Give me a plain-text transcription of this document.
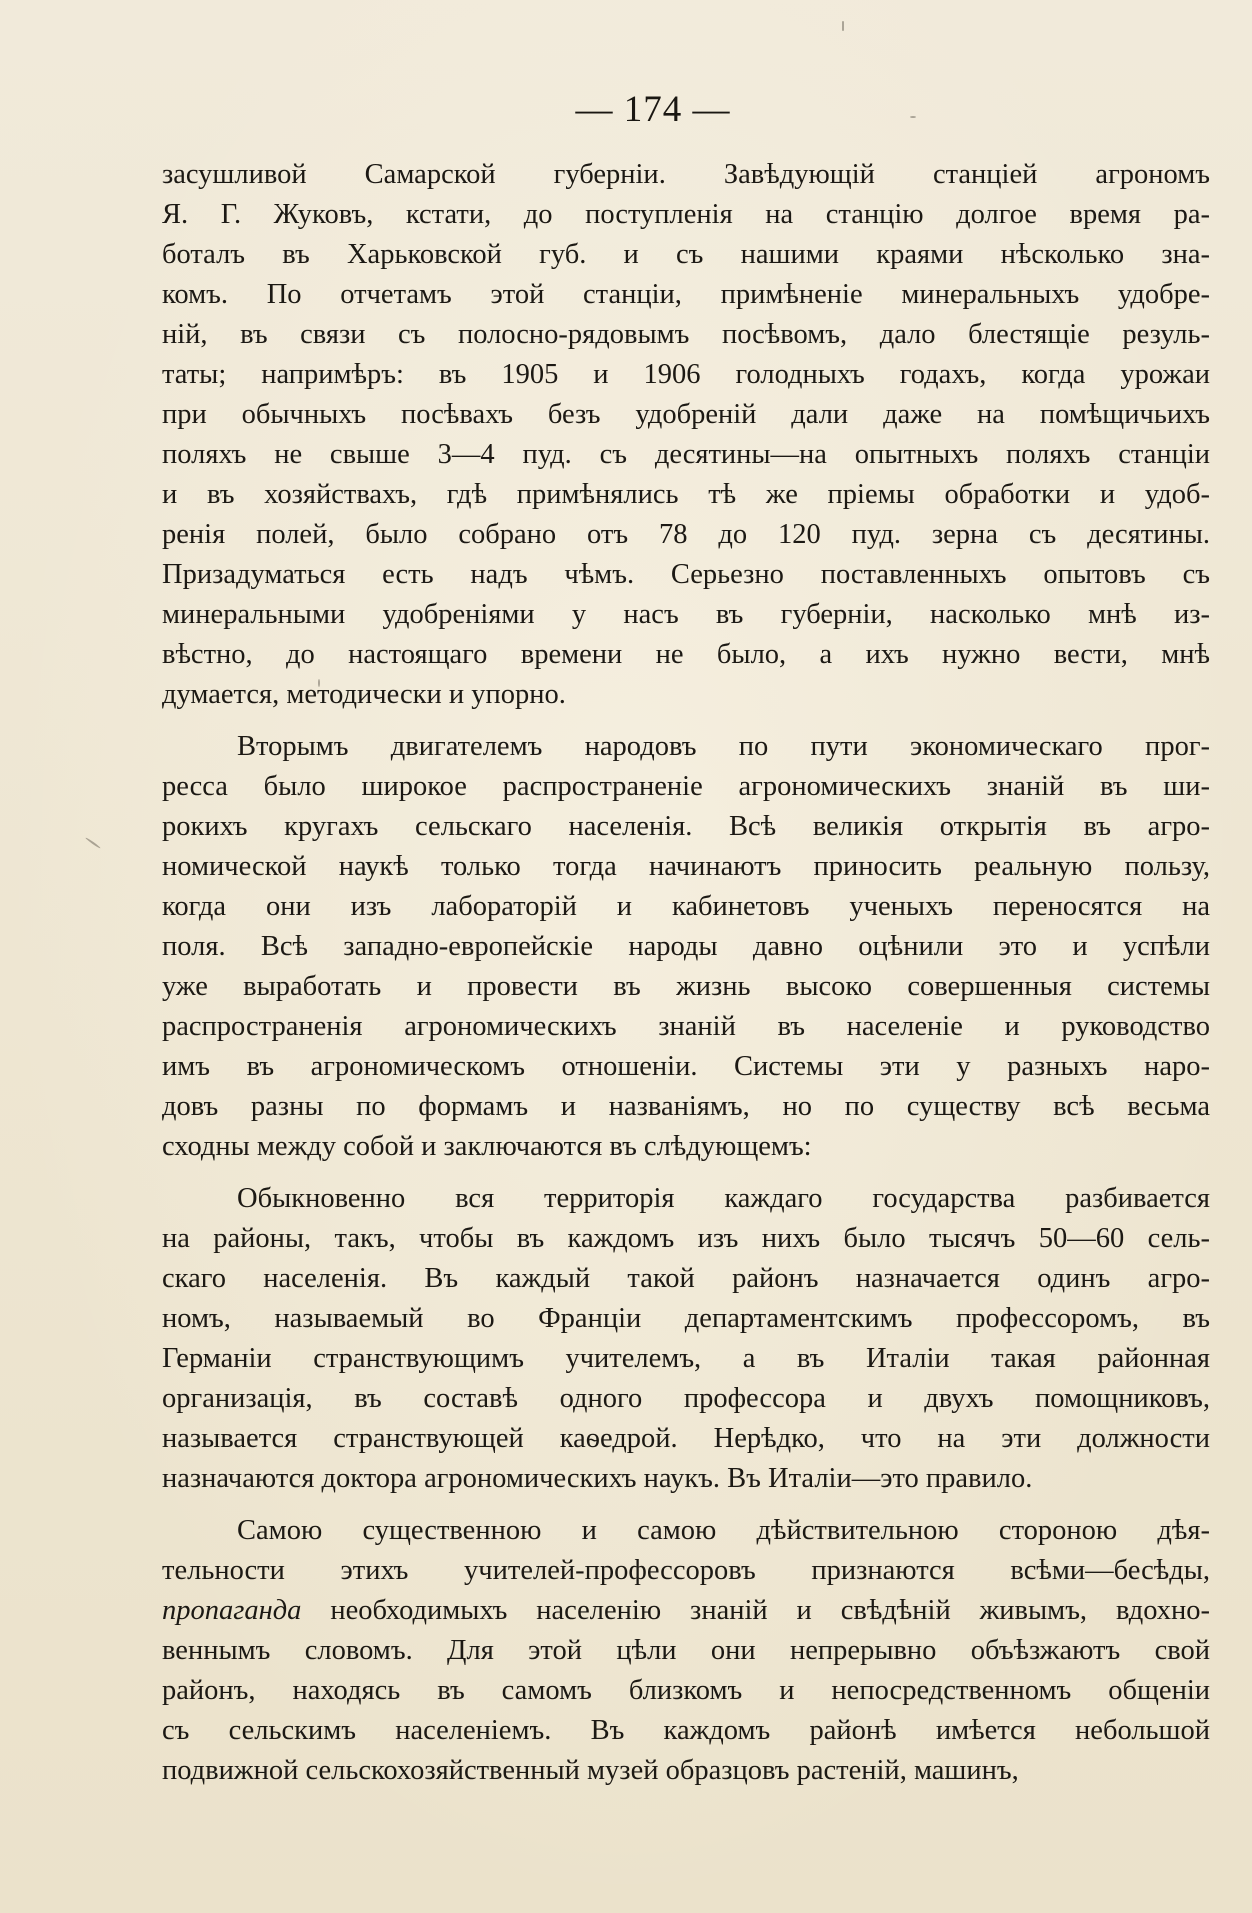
— 174 —
засушливой Самарской губерніи. Завѣдующій станціей агрономъ
Я. Г. Жуковъ, кстати, до поступленія на станцію долгое время ра-
боталъ въ Харьковской губ. и съ нашими краями нѣсколько зна-
комъ. По отчетамъ этой станціи, примѣненіе минеральныхъ удобре-
ній, въ связи съ полосно-рядовымъ посѣвомъ, дало блестящіе резуль-
таты; напримѣръ: въ 1905 и 1906 голодныхъ годахъ, когда урожаи
при обычныхъ посѣвахъ безъ удобреній дали даже на помѣщичьихъ
поляхъ не свыше 3—4 пуд. съ десятины—на опытныхъ поляхъ станціи
и въ хозяйствахъ, гдѣ примѣнялись тѣ же пріемы обработки и удоб-
ренія полей, было собрано отъ 78 до 120 пуд. зерна съ десятины.
Призадуматься есть надъ чѣмъ. Серьезно поставленныхъ опытовъ съ
минеральными удобреніями у насъ въ губерніи, насколько мнѣ из-
вѣстно, до настоящаго времени не было, а ихъ нужно вести, мнѣ
думается, методически и упорно.
Вторымъ двигателемъ народовъ по пути экономическаго прог-
ресса было широкое распространеніе агрономическихъ знаній въ ши-
рокихъ кругахъ сельскаго населенія. Всѣ великія открытія въ агро-
номической наукѣ только тогда начинаютъ приносить реальную пользу,
когда они изъ лабораторій и кабинетовъ ученыхъ переносятся на
поля. Всѣ западно-европейскіе народы давно оцѣнили это и успѣли
уже выработать и провести въ жизнь высоко совершенныя системы
распространенія агрономическихъ знаній въ населеніе и руководство
имъ въ агрономическомъ отношеніи. Системы эти у разныхъ наро-
довъ разны по формамъ и названіямъ, но по существу всѣ весьма
сходны между собой и заключаются въ слѣдующемъ:
Обыкновенно вся территорія каждаго государства разбивается
на районы, такъ, чтобы въ каждомъ изъ нихъ было тысячъ 50—60 сель-
скаго населенія. Въ каждый такой районъ назначается одинъ агро-
номъ, называемый во Франціи департаментскимъ профессоромъ, въ
Германіи странствующимъ учителемъ, а въ Италіи такая районная
организація, въ составѣ одного профессора и двухъ помощниковъ,
называется странствующей каѳедрой. Нерѣдко, что на эти должности
назначаются доктора агрономическихъ наукъ. Въ Италіи—это правило.
Самою существенною и самою дѣйствительною стороною дѣя-
тельности этихъ учителей-профессоровъ признаются всѣми—бесѣды,
пропаганда необходимыхъ населенію знаній и свѣдѣній живымъ, вдохно-
веннымъ словомъ. Для этой цѣли они непрерывно объѣзжаютъ свой
районъ, находясь въ самомъ близкомъ и непосредственномъ общеніи
съ сельскимъ населеніемъ. Въ каждомъ районѣ имѣется небольшой
подвижной сельскохозяйственный музей образцовъ растеній, машинъ,
